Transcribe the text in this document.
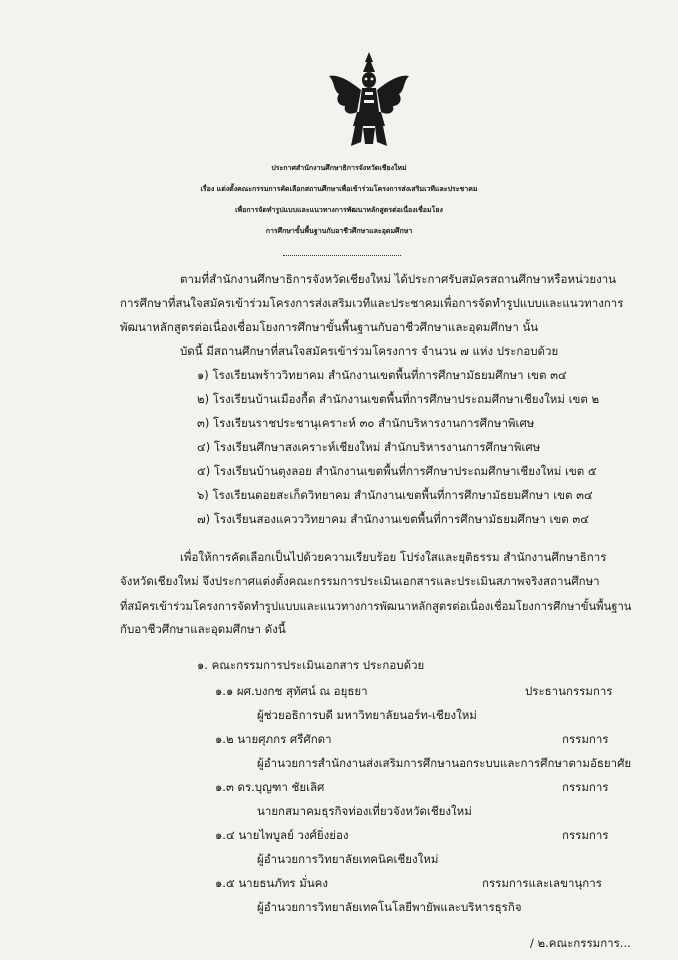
ประกาศสำนักงานศึกษาธิการจังหวัดเชียงใหม่
เรื่อง แต่งตั้งคณะกรรมการคัดเลือกสถานศึกษาเพื่อเข้าร่วมโครงการส่งเสริมเวทีและประชาคม
เพื่อการจัดทำรูปแบบและแนวทางการพัฒนาหลักสูตรต่อเนื่องเชื่อมโยง
การศึกษาขั้นพื้นฐานกับอาชีวศึกษาและอุดมศึกษา
ตามที่สำนักงานศึกษาธิการจังหวัดเชียงใหม่ ได้ประกาศรับสมัครสถานศึกษาหรือหน่วยงาน
การศึกษาที่สนใจสมัครเข้าร่วมโครงการส่งเสริมเวทีและประชาคมเพื่อการจัดทำรูปแบบและแนวทางการ
พัฒนาหลักสูตรต่อเนื่องเชื่อมโยงการศึกษาขั้นพื้นฐานกับอาชีวศึกษาและอุดมศึกษา นั้น
บัดนี้ มีสถานศึกษาที่สนใจสมัครเข้าร่วมโครงการ จำนวน ๗ แห่ง ประกอบด้วย
๑) โรงเรียนพร้าววิทยาคม สำนักงานเขตพื้นที่การศึกษามัธยมศึกษา เขต ๓๔
๒) โรงเรียนบ้านเมืองกื้ด สำนักงานเขตพื้นที่การศึกษาประถมศึกษาเชียงใหม่ เขต ๒
๓) โรงเรียนราชประชานุเคราะห์ ๓๐ สำนักบริหารงานการศึกษาพิเศษ
๔) โรงเรียนศึกษาสงเคราะห์เชียงใหม่ สำนักบริหารงานการศึกษาพิเศษ
๕) โรงเรียนบ้านตุงลอย สำนักงานเขตพื้นที่การศึกษาประถมศึกษาเชียงใหม่ เขต ๕
๖) โรงเรียนดอยสะเก็ดวิทยาคม สำนักงานเขตพื้นที่การศึกษามัธยมศึกษา เขต ๓๔
๗) โรงเรียนสองแควววิทยาคม สำนักงานเขตพื้นที่การศึกษามัธยมศึกษา เขต ๓๔
เพื่อให้การคัดเลือกเป็นไปด้วยความเรียบร้อย โปร่งใสและยุติธรรม สำนักงานศึกษาธิการ
จังหวัดเชียงใหม่ จึงประกาศแต่งตั้งคณะกรรมการประเมินเอกสารและประเมินสภาพจริงสถานศึกษา
ที่สมัครเข้าร่วมโครงการจัดทำรูปแบบและแนวทางการพัฒนาหลักสูตรต่อเนื่องเชื่อมโยงการศึกษาขั้นพื้นฐาน
กับอาชีวศึกษาและอุดมศึกษา ดังนี้
๑. คณะกรรมการประเมินเอกสาร ประกอบด้วย
๑.๑ ผศ.บงกช สุทัศน์ ณ อยุธยา	ประธานกรรมการ
ผู้ช่วยอธิการบดี มหาวิทยาลัยนอร์ท-เชียงใหม่
๑.๒ นายศุภกร ศรีศักดา	กรรมการ
ผู้อำนวยการสำนักงานส่งเสริมการศึกษานอกระบบและการศึกษาตามอัธยาศัย
๑.๓ ดร.บุญฑา ชัยเลิศ	กรรมการ
นายกสมาคมธุรกิจท่องเที่ยวจังหวัดเชียงใหม่
๑.๔ นายไพบูลย์ วงศ์ยิ่งย่อง	กรรมการ
ผู้อำนวยการวิทยาลัยเทคนิคเชียงใหม่
๑.๕ นายธนภัทร มั่นคง	กรรมการและเลขานุการ
ผู้อำนวยการวิทยาลัยเทคโนโลยีพายัพและบริหารธุรกิจ
/ ๒.คณะกรรมการ...
